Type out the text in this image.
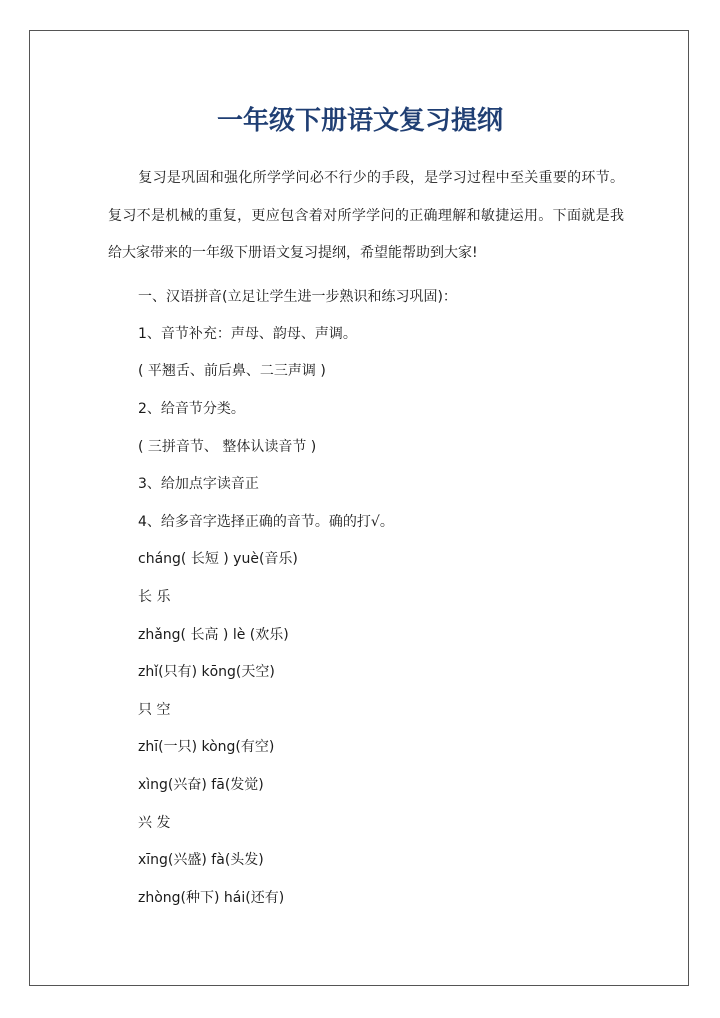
一年级下册语文复习提纲
复习是巩固和强化所学学问必不行少的手段，是学习过程中至关重要的环节。复习不是机械的重复，更应包含着对所学学问的正确理解和敏捷运用。下面就是我给大家带来的一年级下册语文复习提纲，希望能帮助到大家!
一、汉语拼音(立足让学生进一步熟识和练习巩固)：
1、音节补充：声母、韵母、声调。
( 平翘舌、前后鼻、二三声调 )
2、给音节分类。
( 三拼音节、 整体认读音节 )
3、给加点字读音正
4、给多音字选择正确的音节。确的打√。
cháng( 长短 ) yuè(音乐)
长 乐
zhǎng( 长高 ) lè (欢乐)
zhǐ(只有) kōng(天空)
只 空
zhī(一只) kòng(有空)
xìng(兴奋) fā(发觉)
兴 发
xīng(兴盛) fà(头发)
zhòng(种下) hái(还有)
